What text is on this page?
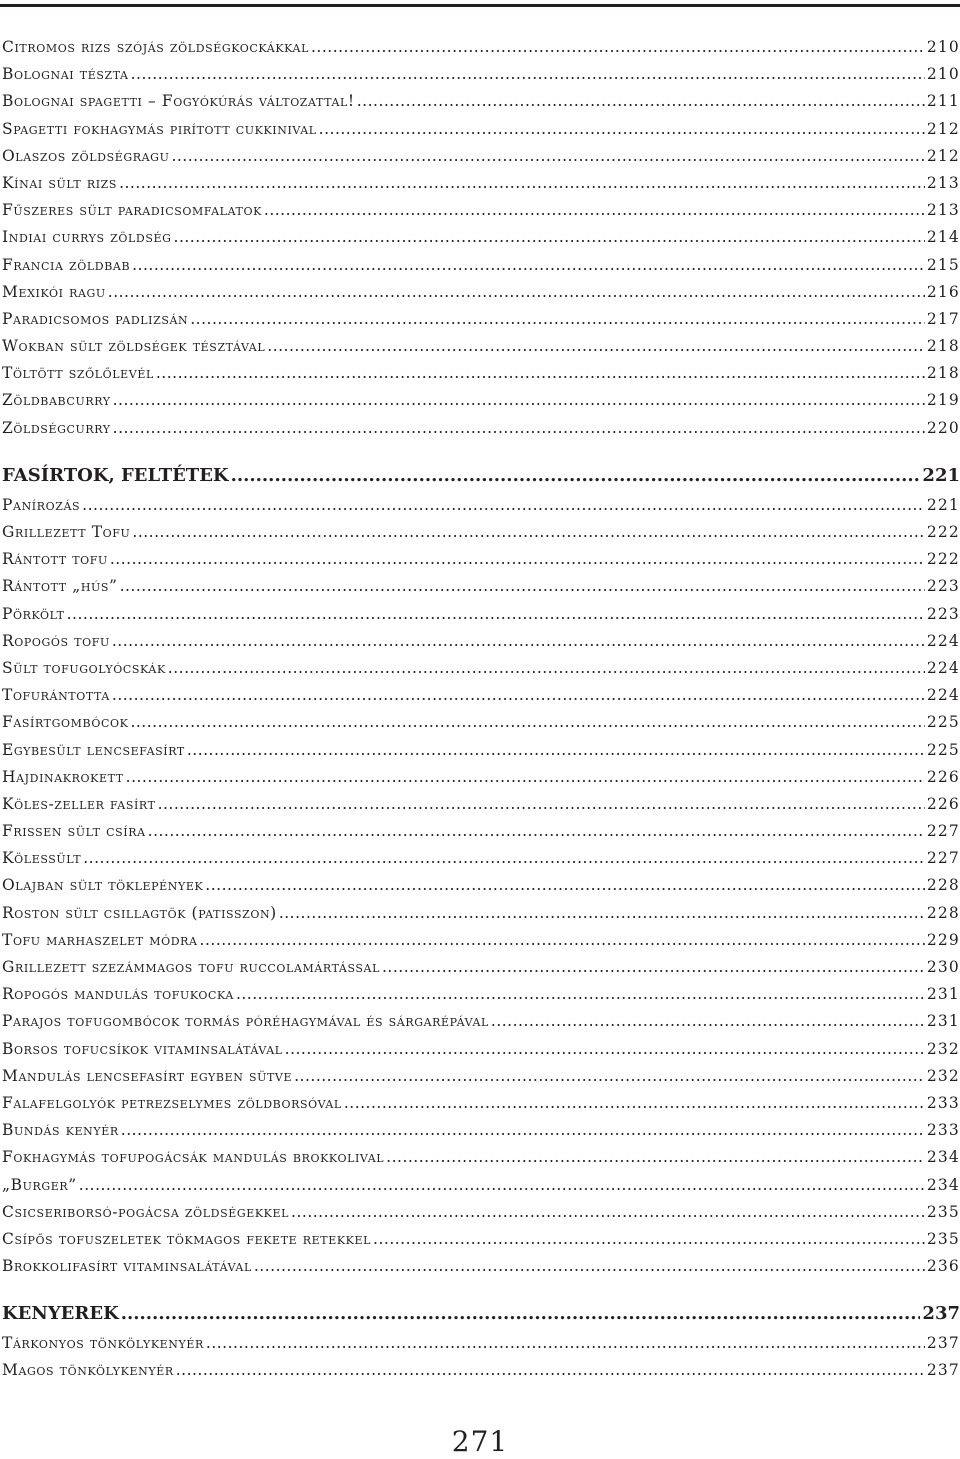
Citromos rizs szójás zöldségkockákkal .....	210
Bolognai tészta .....	210
Bolognai spagetti – Fogyókúrás változattal! .....	211
Spagetti fokhagymás pirított cukkinival .....	212
Olaszos zöldségragu .....	212
Kínai sült rizs .....	213
Fűszeres sült paradicsomfalatok .....	213
Indiai currys zöldség .....	214
Francia zöldbab .....	215
Mexikói ragu .....	216
Paradicsomos padlizsán .....	217
Wokban sült zöldségek tésztával .....	218
Töltött szőlőlevél .....	218
Zöldbabcurry .....	219
Zöldségcurry .....	220
FASÍRTOK, FELTÉTEK .....	221
Panírozás .....	221
Grillezett Tofu .....	222
Rántott tofu .....	222
Rántott „hús” .....	223
Pörkölt .....	223
Ropogós tofu .....	224
Sült tofugolyócskák .....	224
Tofurántotta .....	224
Fasírtgombócok .....	225
Egybesült lencsefasírt .....	225
Hajdinakrokett .....	226
Köles-zeller fasírt .....	226
Frissen sült csíra .....	227
Kölessült .....	227
Olajban sült töklepények .....	228
Roston sült csillagtök (patisszon) .....	228
Tofu marhaszelet módra .....	229
Grillezett szezámmagos tofu ruccolamártással .....	230
Ropogós mandulás tofukocka .....	231
Parajos tofugombócok tormás póréhagymával és sárgarépával .....	231
Borsos tofucsíkok vitaminsalátával .....	232
Mandulás lencsefasírt egyben sütve .....	232
Falafelgolyók petrezselymes zöldborsóval .....	233
Bundás kenyér .....	233
Fokhagymás tofupogácsák mandulás brokkolival .....	234
„Burger” .....	234
Csicseriborsó-pogácsa zöldségekkel .....	235
Csípős tofuszeletek tökmagos fekete retekkel .....	235
Brokkolifasírt vitaminsalátával .....	236
KENYEREK .....	237
Tárkonyos tönkölykenyér .....	237
Magos tönkölykenyér .....	237
271
